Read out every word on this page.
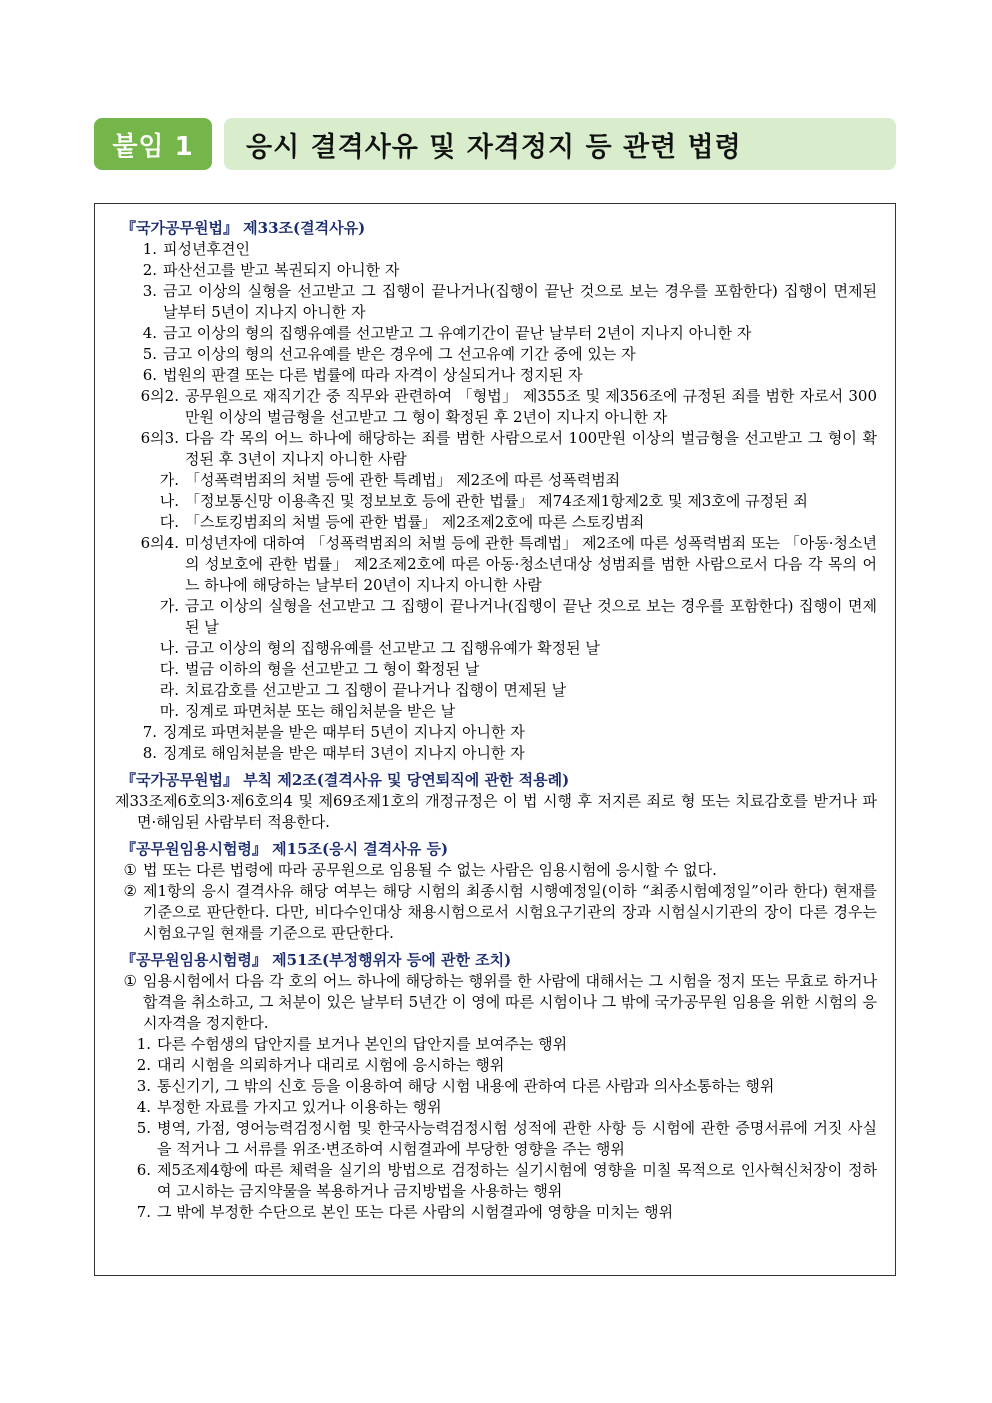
붙임 1	응시 결격사유 및 자격정지 등 관련 법령
『국가공무원법』 제33조(결격사유)
1. 피성년후견인
2. 파산선고를 받고 복권되지 아니한 자
3. 금고 이상의 실형을 선고받고 그 집행이 끝나거나(집행이 끝난 것으로 보는 경우를 포함한다) 집행이 면제된 날부터 5년이 지나지 아니한 자
4. 금고 이상의 형의 집행유예를 선고받고 그 유예기간이 끝난 날부터 2년이 지나지 아니한 자
5. 금고 이상의 형의 선고유예를 받은 경우에 그 선고유예 기간 중에 있는 자
6. 법원의 판결 또는 다른 법률에 따라 자격이 상실되거나 정지된 자
6의2. 공무원으로 재직기간 중 직무와 관련하여 「형법」 제355조 및 제356조에 규정된 죄를 범한 자로서 300만원 이상의 벌금형을 선고받고 그 형이 확정된 후 2년이 지나지 아니한 자
6의3. 다음 각 목의 어느 하나에 해당하는 죄를 범한 사람으로서 100만원 이상의 벌금형을 선고받고 그 형이 확정된 후 3년이 지나지 아니한 사람
가. 「성폭력범죄의 처벌 등에 관한 특례법」 제2조에 따른 성폭력범죄
나. 「정보통신망 이용촉진 및 정보보호 등에 관한 법률」 제74조제1항제2호 및 제3호에 규정된 죄
다. 「스토킹범죄의 처벌 등에 관한 법률」 제2조제2호에 따른 스토킹범죄
6의4. 미성년자에 대하여 「성폭력범죄의 처벌 등에 관한 특례법」 제2조에 따른 성폭력범죄 또는 「아동·청소년의 성보호에 관한 법률」 제2조제2호에 따른 아동·청소년대상 성범죄를 범한 사람으로서 다음 각 목의 어느 하나에 해당하는 날부터 20년이 지나지 아니한 사람
가. 금고 이상의 실형을 선고받고 그 집행이 끝나거나(집행이 끝난 것으로 보는 경우를 포함한다) 집행이 면제된 날
나. 금고 이상의 형의 집행유예를 선고받고 그 집행유예가 확정된 날
다. 벌금 이하의 형을 선고받고 그 형이 확정된 날
라. 치료감호를 선고받고 그 집행이 끝나거나 집행이 면제된 날
마. 징계로 파면처분 또는 해임처분을 받은 날
7. 징계로 파면처분을 받은 때부터 5년이 지나지 아니한 자
8. 징계로 해임처분을 받은 때부터 3년이 지나지 아니한 자
『국가공무원법』 부칙 제2조(결격사유 및 당연퇴직에 관한 적용례)
제33조제6호의3·제6호의4 및 제69조제1호의 개정규정은 이 법 시행 후 저지른 죄로 형 또는 치료감호를 받거나 파면·해임된 사람부터 적용한다.
『공무원임용시험령』 제15조(응시 결격사유 등)
① 법 또는 다른 법령에 따라 공무원으로 임용될 수 없는 사람은 임용시험에 응시할 수 없다.
② 제1항의 응시 결격사유 해당 여부는 해당 시험의 최종시험 시행예정일(이하 “최종시험예정일”이라 한다) 현재를 기준으로 판단한다. 다만, 비다수인대상 채용시험으로서 시험요구기관의 장과 시험실시기관의 장이 다른 경우는 시험요구일 현재를 기준으로 판단한다.
『공무원임용시험령』 제51조(부정행위자 등에 관한 조치)
① 임용시험에서 다음 각 호의 어느 하나에 해당하는 행위를 한 사람에 대해서는 그 시험을 정지 또는 무효로 하거나 합격을 취소하고, 그 처분이 있은 날부터 5년간 이 영에 따른 시험이나 그 밖에 국가공무원 임용을 위한 시험의 응시자격을 정지한다.
1. 다른 수험생의 답안지를 보거나 본인의 답안지를 보여주는 행위
2. 대리 시험을 의뢰하거나 대리로 시험에 응시하는 행위
3. 통신기기, 그 밖의 신호 등을 이용하여 해당 시험 내용에 관하여 다른 사람과 의사소통하는 행위
4. 부정한 자료를 가지고 있거나 이용하는 행위
5. 병역, 가점, 영어능력검정시험 및 한국사능력검정시험 성적에 관한 사항 등 시험에 관한 증명서류에 거짓 사실을 적거나 그 서류를 위조·변조하여 시험결과에 부당한 영향을 주는 행위
6. 제5조제4항에 따른 체력을 실기의 방법으로 검정하는 실기시험에 영향을 미칠 목적으로 인사혁신처장이 정하여 고시하는 금지약물을 복용하거나 금지방법을 사용하는 행위
7. 그 밖에 부정한 수단으로 본인 또는 다른 사람의 시험결과에 영향을 미치는 행위
